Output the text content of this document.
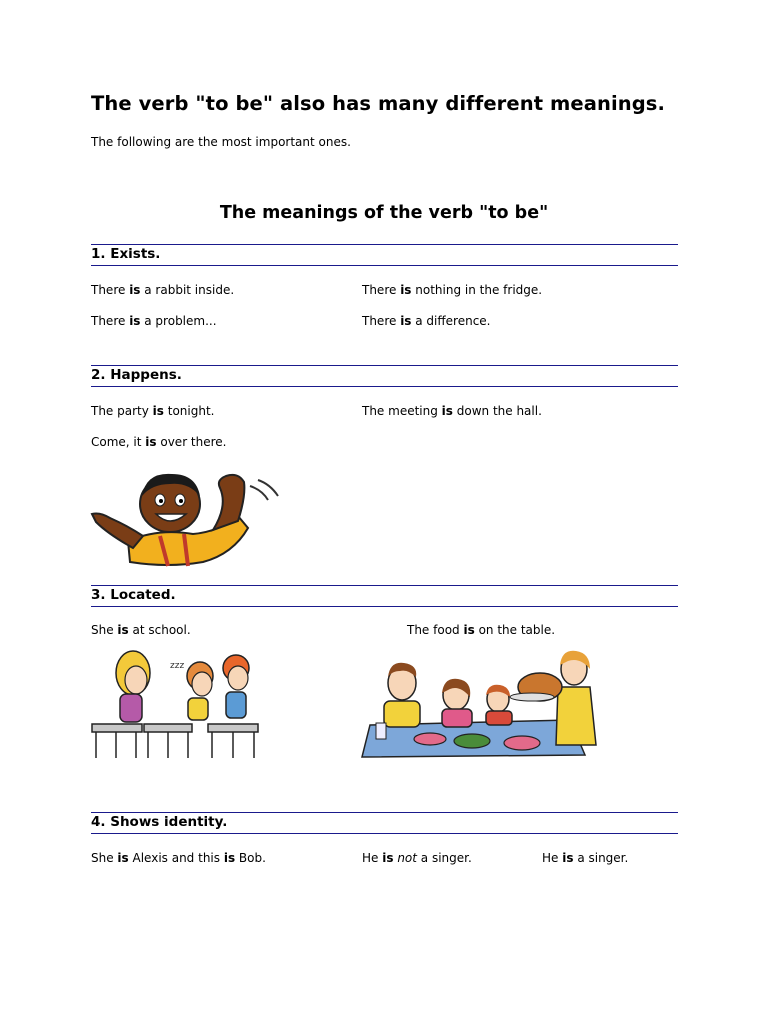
The verb "to be" also has many different meanings.
The following are the most important ones.
The meanings of the verb "to be"
1. Exists.
There is a rabbit inside.	There is nothing in the fridge.
There is a problem...	There is a difference.
2. Happens.
The party is tonight.	The meeting is down the hall.
Come, it is over there.
3. Located.
She is at school.	The food is on the table.
zzz
4. Shows identity.
She is Alexis and this is Bob.	He is not a singer.	He is a singer.
